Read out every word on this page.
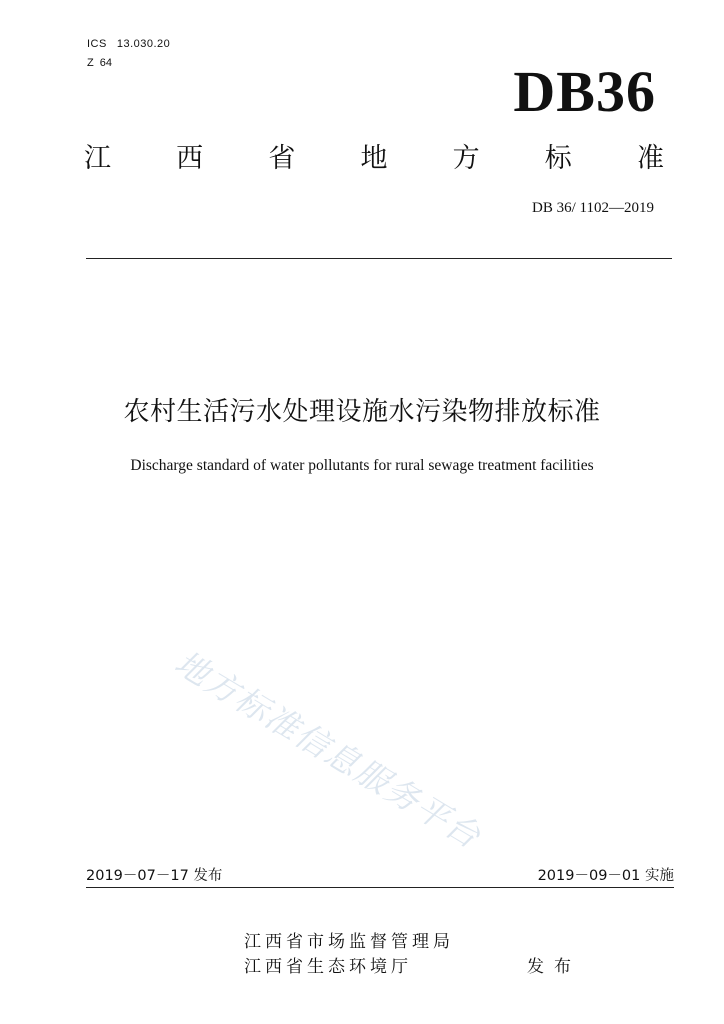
ICS 13.030.20
Z 64	DB36
江 西 省 地 方 标 准
DB 36/ 1102—2019
农村生活污水处理设施水污染物排放标准
Discharge standard of water pollutants for rural sewage treatment facilities
地方标准信息服务平台
2019－07－17 发布	2019－09－01 实施
江西省市场监督管理局
江西省生态环境厅	发布
